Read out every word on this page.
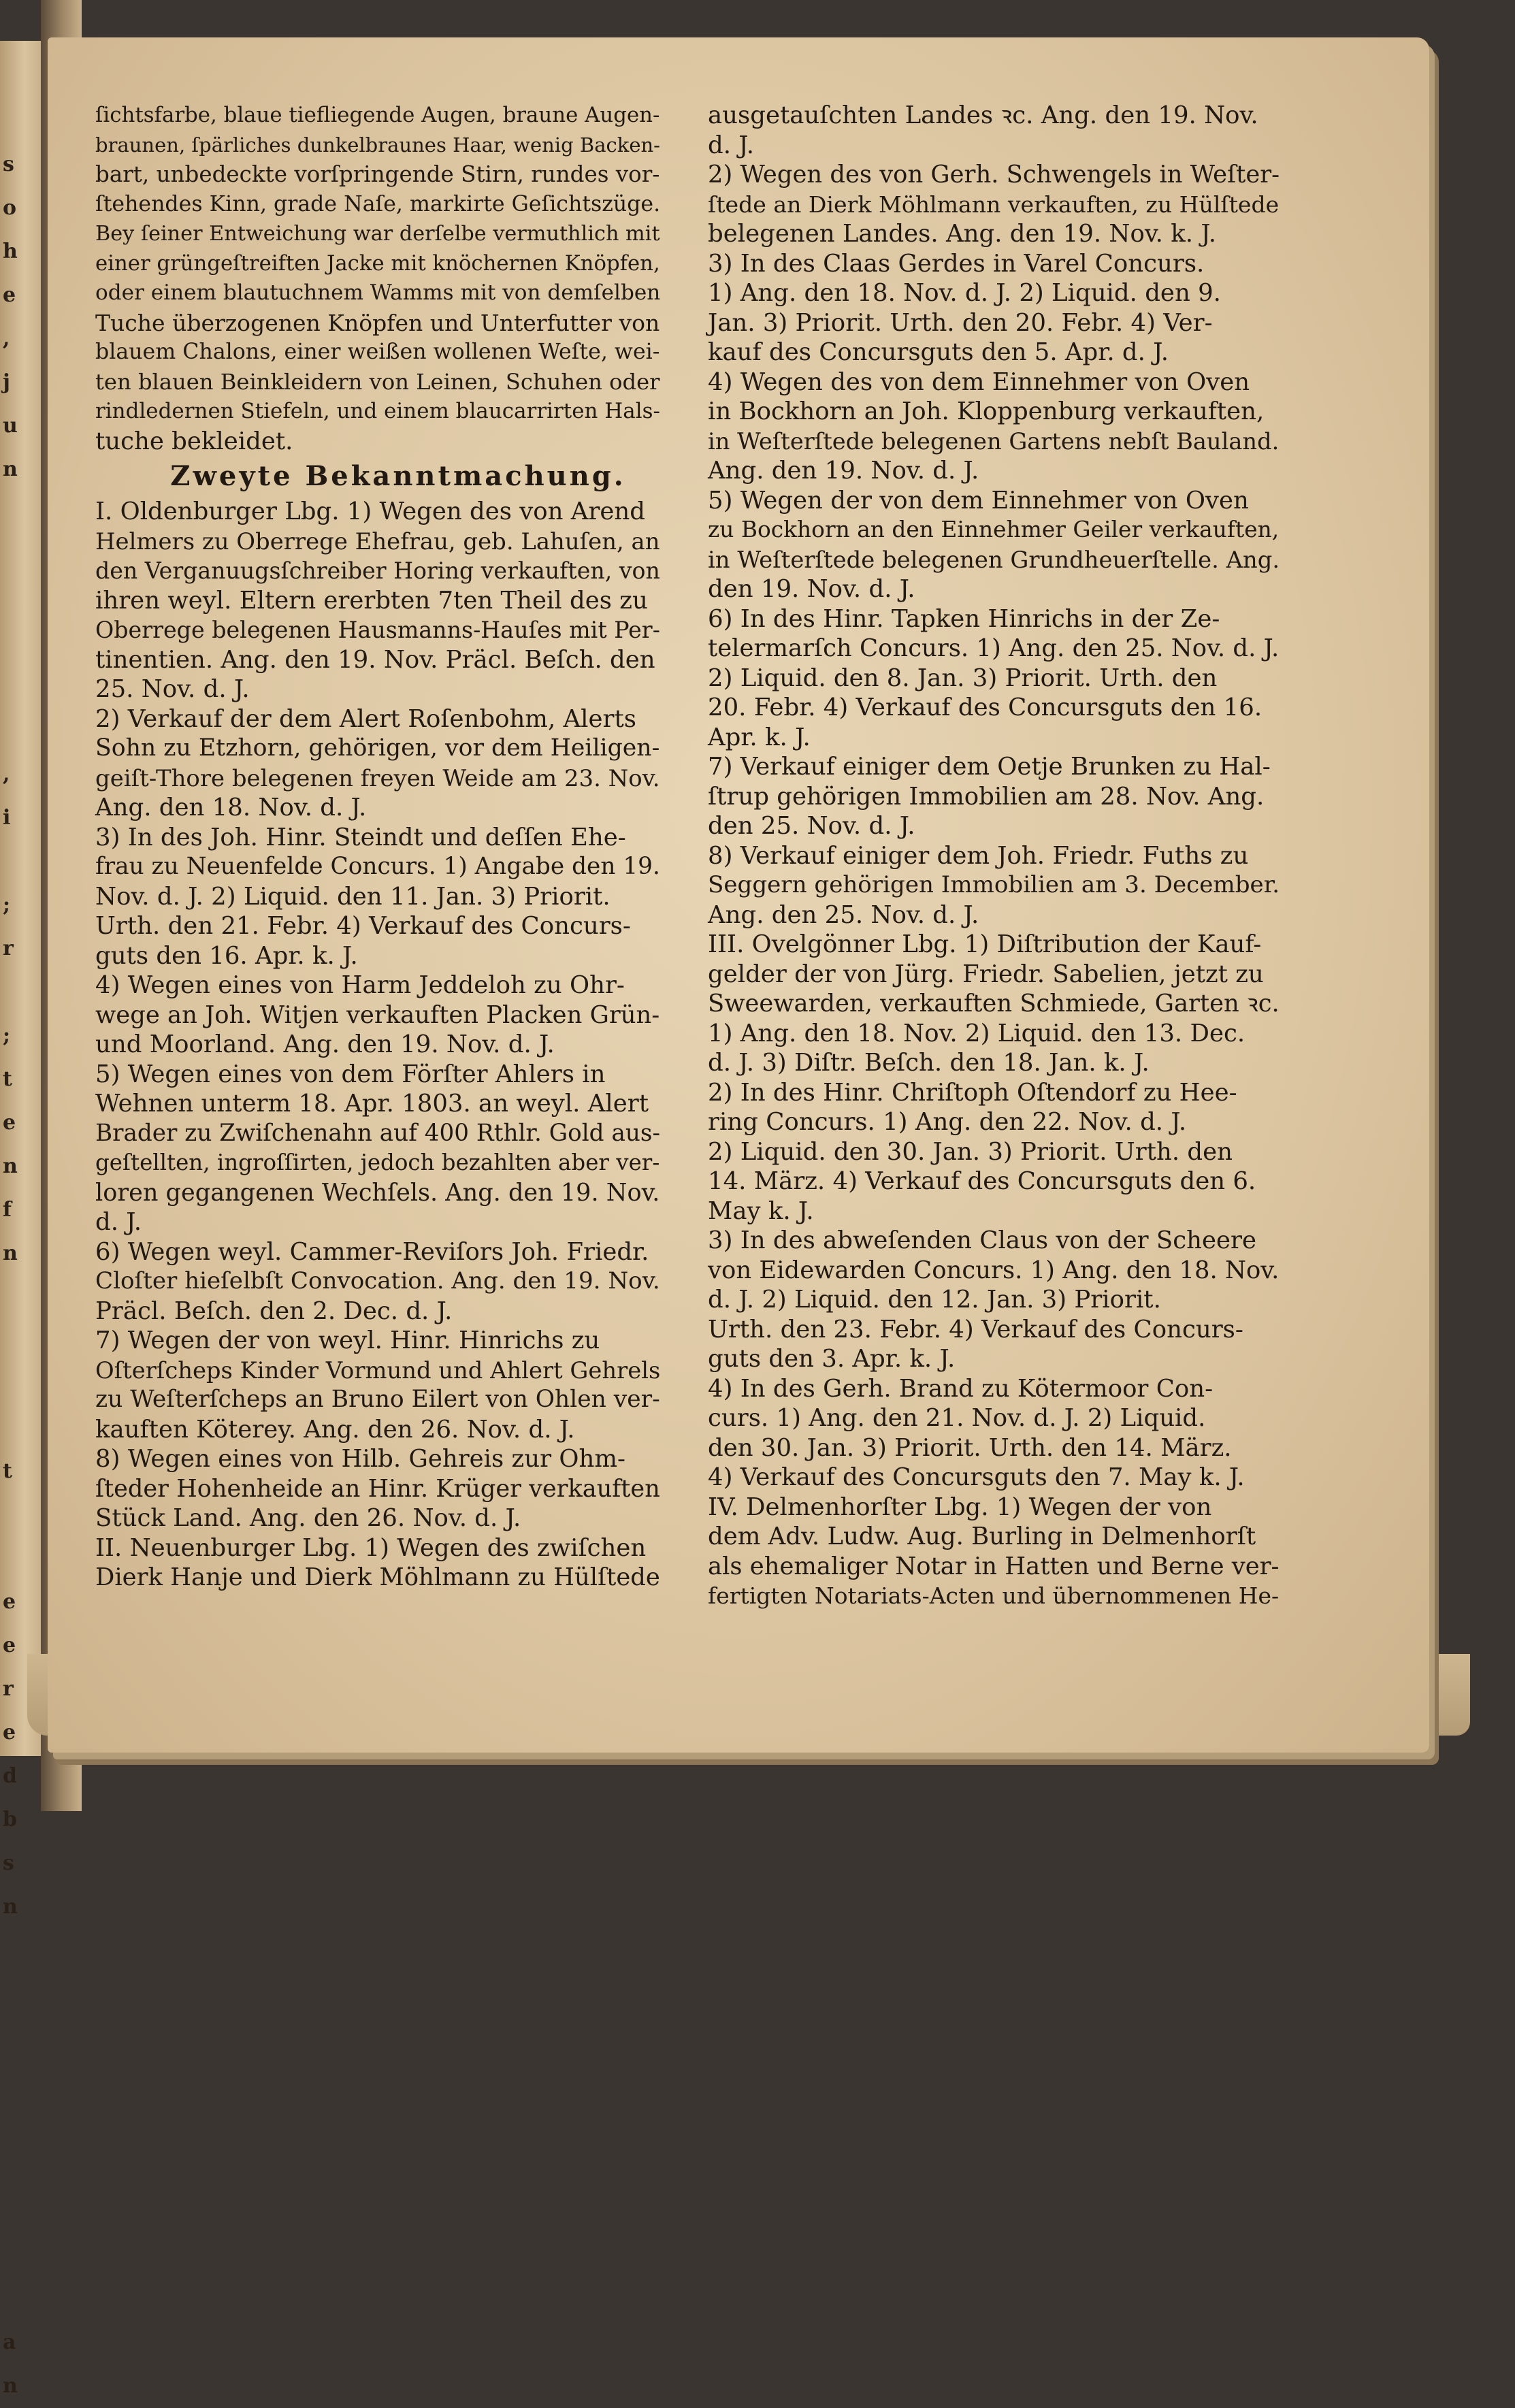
s
o
h
e
,
j
u
n

,
i

;
r

;
t
e
n
f
n

t

e
e
r
e
d
b
s
n

a
n
ſichtsfarbe, blaue tiefliegende Augen, braune Augen-
braunen, ſpärliches dunkelbraunes Haar, wenig Backen-
bart, unbedeckte vorſpringende Stirn, rundes vor-
ſtehendes Kinn, grade Naſe, markirte Geſichtszüge.
Bey ſeiner Entweichung war derſelbe vermuthlich mit
einer grüngeſtreiften Jacke mit knöchernen Knöpfen,
oder einem blautuchnem Wamms mit von demſelben
Tuche überzogenen Knöpfen und Unterfutter von
blauem Chalons, einer weißen wollenen Weſte, wei-
ten blauen Beinkleidern von Leinen, Schuhen oder
rindledernen Stiefeln, und einem blaucarrirten Hals-
tuche bekleidet.
Zweyte Bekanntmachung.
I. Oldenburger Lbg. 1) Wegen des von Arend
Helmers zu Oberrege Ehefrau, geb. Lahuſen, an
den Verganuugsſchreiber Horing verkauften, von
ihren weyl. Eltern ererbten 7ten Theil des zu
Oberrege belegenen Hausmanns-Hauſes mit Per-
tinentien. Ang. den 19. Nov. Präcl. Beſch. den
25. Nov. d. J.
2) Verkauf der dem Alert Roſenbohm, Alerts
Sohn zu Etzhorn, gehörigen, vor dem Heiligen-
geiſt-Thore belegenen freyen Weide am 23. Nov.
Ang. den 18. Nov. d. J.
3) In des Joh. Hinr. Steindt und deſſen Ehe-
frau zu Neuenfelde Concurs. 1) Angabe den 19.
Nov. d. J. 2) Liquid. den 11. Jan. 3) Priorit.
Urth. den 21. Febr. 4) Verkauf des Concurs-
guts den 16. Apr. k. J.
4) Wegen eines von Harm Jeddeloh zu Ohr-
wege an Joh. Witjen verkauften Placken Grün-
und Moorland. Ang. den 19. Nov. d. J.
5) Wegen eines von dem Förſter Ahlers in
Wehnen unterm 18. Apr. 1803. an weyl. Alert
Brader zu Zwiſchenahn auf 400 Rthlr. Gold aus-
geſtellten, ingroſſirten, jedoch bezahlten aber ver-
loren gegangenen Wechſels. Ang. den 19. Nov.
d. J.
6) Wegen weyl. Cammer-Reviſors Joh. Friedr.
Cloſter hieſelbſt Convocation. Ang. den 19. Nov.
Präcl. Beſch. den 2. Dec. d. J.
7) Wegen der von weyl. Hinr. Hinrichs zu
Oſterſcheps Kinder Vormund und Ahlert Gehrels
zu Weſterſcheps an Bruno Eilert von Ohlen ver-
kauften Köterey. Ang. den 26. Nov. d. J.
8) Wegen eines von Hilb. Gehreis zur Ohm-
ſteder Hohenheide an Hinr. Krüger verkauften
Stück Land. Ang. den 26. Nov. d. J.
II. Neuenburger Lbg. 1) Wegen des zwiſchen
Dierk Hanje und Dierk Möhlmann zu Hülſtede
ausgetauſchten Landes ꝛc. Ang. den 19. Nov.
d. J.
2) Wegen des von Gerh. Schwengels in Weſter-
ſtede an Dierk Möhlmann verkauften, zu Hülſtede
belegenen Landes. Ang. den 19. Nov. k. J.
3) In des Claas Gerdes in Varel Concurs.
1) Ang. den 18. Nov. d. J. 2) Liquid. den 9.
Jan. 3) Priorit. Urth. den 20. Febr. 4) Ver-
kauf des Concursguts den 5. Apr. d. J.
4) Wegen des von dem Einnehmer von Oven
in Bockhorn an Joh. Kloppenburg verkauften,
in Weſterſtede belegenen Gartens nebſt Bauland.
Ang. den 19. Nov. d. J.
5) Wegen der von dem Einnehmer von Oven
zu Bockhorn an den Einnehmer Geiler verkauften,
in Weſterſtede belegenen Grundheuerſtelle. Ang.
den 19. Nov. d. J.
6) In des Hinr. Tapken Hinrichs in der Ze-
telermarſch Concurs. 1) Ang. den 25. Nov. d. J.
2) Liquid. den 8. Jan. 3) Priorit. Urth. den
20. Febr. 4) Verkauf des Concursguts den 16.
Apr. k. J.
7) Verkauf einiger dem Oetje Brunken zu Hal-
ſtrup gehörigen Immobilien am 28. Nov. Ang.
den 25. Nov. d. J.
8) Verkauf einiger dem Joh. Friedr. Fuths zu
Seggern gehörigen Immobilien am 3. December.
Ang. den 25. Nov. d. J.
III. Ovelgönner Lbg. 1) Diſtribution der Kauf-
gelder der von Jürg. Friedr. Sabelien, jetzt zu
Sweewarden, verkauften Schmiede, Garten ꝛc.
1) Ang. den 18. Nov. 2) Liquid. den 13. Dec.
d. J. 3) Diſtr. Beſch. den 18. Jan. k. J.
2) In des Hinr. Chriſtoph Oſtendorf zu Hee-
ring Concurs. 1) Ang. den 22. Nov. d. J.
2) Liquid. den 30. Jan. 3) Priorit. Urth. den
14. März. 4) Verkauf des Concursguts den 6.
May k. J.
3) In des abweſenden Claus von der Scheere
von Eidewarden Concurs. 1) Ang. den 18. Nov.
d. J. 2) Liquid. den 12. Jan. 3) Priorit.
Urth. den 23. Febr. 4) Verkauf des Concurs-
guts den 3. Apr. k. J.
4) In des Gerh. Brand zu Kötermoor Con-
curs. 1) Ang. den 21. Nov. d. J. 2) Liquid.
den 30. Jan. 3) Priorit. Urth. den 14. März.
4) Verkauf des Concursguts den 7. May k. J.
IV. Delmenhorſter Lbg. 1) Wegen der von
dem Adv. Ludw. Aug. Burling in Delmenhorſt
als ehemaliger Notar in Hatten und Berne ver-
fertigten Notariats-Acten und übernommenen He-
